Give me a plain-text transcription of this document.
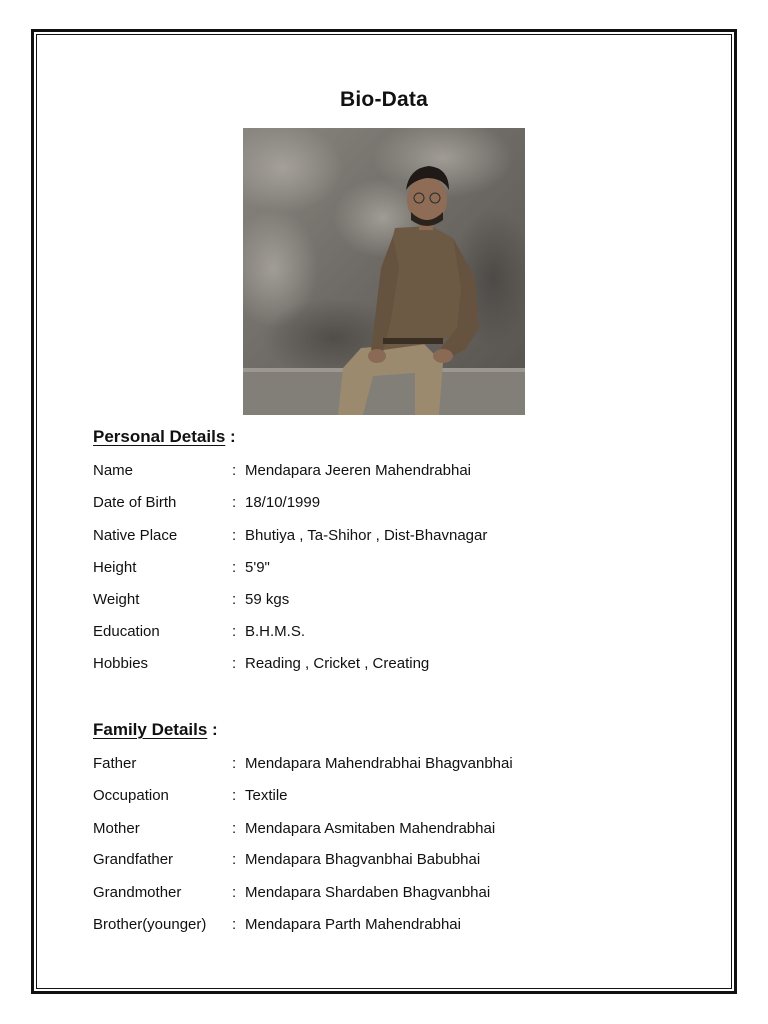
Bio-Data
Personal Details :
Name	: Mendapara Jeeren Mahendrabhai
Date of Birth	: 18/10/1999
Native Place	: Bhutiya , Ta-Shihor , Dist-Bhavnagar
Height	: 5'9"
Weight	: 59 kgs
Education	: B.H.M.S.
Hobbies	: Reading , Cricket , Creating
Family Details :
Father	: Mendapara Mahendrabhai Bhagvanbhai
Occupation	: Textile
Mother	: Mendapara Asmitaben Mahendrabhai
Grandfather	: Mendapara Bhagvanbhai Babubhai
Grandmother	: Mendapara Shardaben Bhagvanbhai
Brother(younger)	: Mendapara Parth Mahendrabhai
